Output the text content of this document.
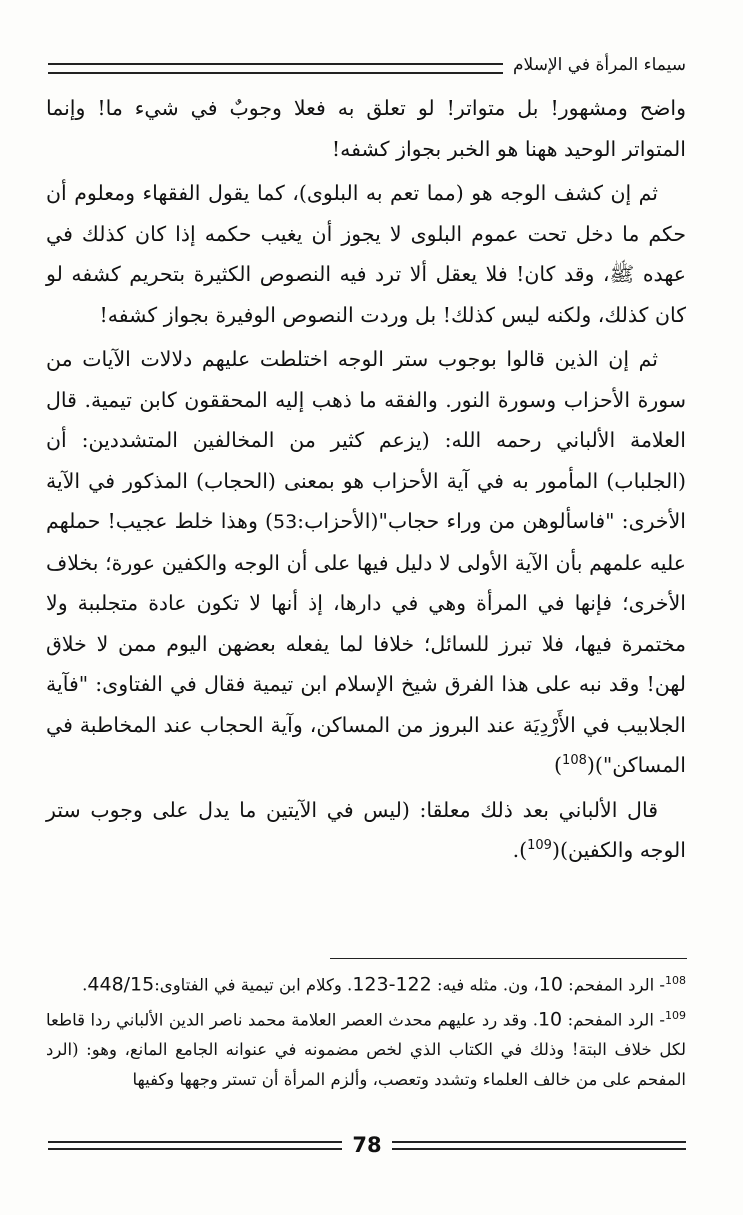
سيماء المرأة في الإسلام

واضح ومشهور! بل متواتر! لو تعلق به فعلا وجوبٌ في شيء ما! وإنما المتواتر الوحيد ههنا هو الخبر بجواز كشفه!

ثم إن كشف الوجه هو (مما تعم به البلوى)، كما يقول الفقهاء ومعلوم أن حكم ما دخل تحت عموم البلوى لا يجوز أن يغيب حكمه إذا كان كذلك في عهده ﷺ، وقد كان! فلا يعقل ألا ترد فيه النصوص الكثيرة بتحريم كشفه لو كان كذلك، ولكنه ليس كذلك! بل وردت النصوص الوفيرة بجواز كشفه!

ثم إن الذين قالوا بوجوب ستر الوجه اختلطت عليهم دلالات الآيات من سورة الأحزاب وسورة النور. والفقه ما ذهب إليه المحققون كابن تيمية. قال العلامة الألباني رحمه الله: (يزعم كثير من المخالفين المتشددين: أن (الجلباب) المأمور به في آية الأحزاب هو بمعنى (الحجاب) المذكور في الآية الأخرى: "فاسألوهن من وراء حجاب"(الأحزاب:53) وهذا خلط عجيب! حملهم عليه علمهم بأن الآية الأولى لا دليل فيها على أن الوجه والكفين عورة؛ بخلاف الأخرى؛ فإنها في المرأة وهي في دارها، إذ أنها لا تكون عادة متجلببة ولا مختمرة فيها، فلا تبرز للسائل؛ خلافا لما يفعله بعضهن اليوم ممن لا خلاق لهن! وقد نبه على هذا الفرق شيخ الإسلام ابن تيمية فقال في الفتاوى: "فآية الجلابيب في الأَرْدِيَة عند البروز من المساكن، وآية الحجاب عند المخاطبة في المساكن")($^{108}$)

قال الألباني بعد ذلك معلقا: (ليس في الآيتين ما يدل على وجوب ستر الوجه والكفين)($^{109}$).

$^{108}$- الرد المفحم: 10، ون. مثله فيه: 122-123. وكلام ابن تيمية في الفتاوى:448/15.

$^{109}$- الرد المفحم: 10. وقد رد عليهم محدث العصر العلامة محمد ناصر الدين الألباني ردا قاطعا لكل خلاف البتة! وذلك في الكتاب الذي لخص مضمونه في عنوانه الجامع المانع، وهو: (الرد المفحم على من خالف العلماء وتشدد وتعصب، وألزم المرأة أن تستر وجهها وكفيها

78
